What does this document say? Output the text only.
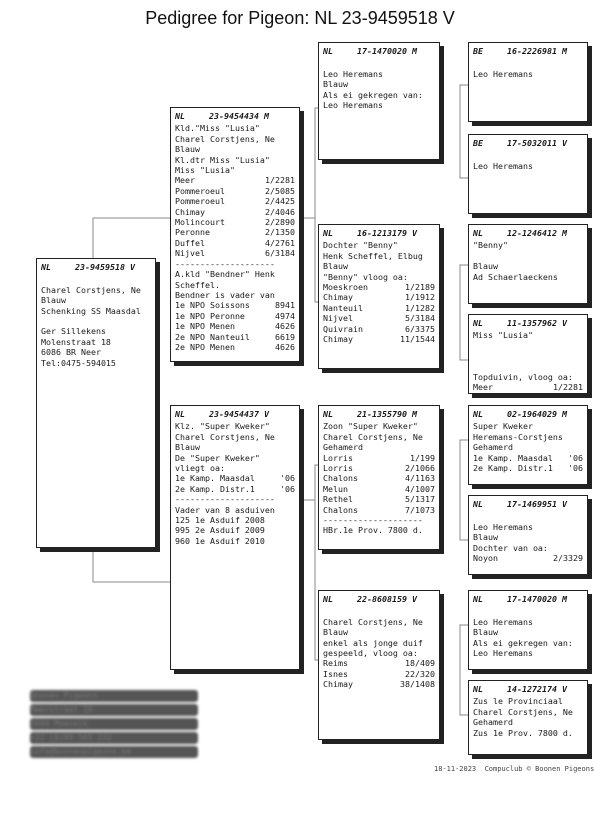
Pedigree for Pigeon: NL 23-9459518 V
NL	23-9459518 V

Charel Corstjens, Ne
Blauw
Schenking SS Maasdal

Ger Sillekens
Molenstraat 18
6086 BR Neer
Tel:0475-594015
NL	23-9454434 M
Kld."Miss "Lusia"
Charel Corstjens, Ne
Blauw
Kl.dtr Miss "Lusia"
Miss "Lusia"
Meer	1/2281
Pommeroeul	2/5085
Pommeroeul	2/4425
Chimay	2/4046
Molincourt	2/2890
Peronne	2/1350
Duffel	4/2761
Nijvel	6/3184
--------------------
A.kld "Bendner" Henk
Scheffel.
Bendner is vader van
1e NPO Soissons	8941
1e NPO Peronne	4974
1e NPO Menen	4626
2e NPO Nanteuil	6619
2e NPO Menen	4626
NL	23-9454437 V
Klz. "Super Kweker"
Charel Corstjens, Ne
Blauw
De "Super Kweker"
vliegt oa:
1e Kamp. Maasdal	'06
2e Kamp. Distr.1	'06
--------------------
Vader van 8 asduiven
125 1e Asduif 2008
995 2e Asduif 2009
960 1e Asduif 2010
NL	17-1470020 M

Leo Heremans
Blauw
Als ei gekregen van:
Leo Heremans
NL	16-1213179 V
Dochter "Benny"
Henk Scheffel, Elbug
Blauw
"Benny" vloog oa:
Moeskroen	1/2189
Chimay	1/1912
Nanteuil	1/1282
Nijvel	5/3184
Quivrain	6/3375
Chimay	11/1544
NL	21-1355790 M
Zoon "Super Kweker"
Charel Corstjens, Ne
Gehamerd
Lorris	1/199
Lorris	2/1066
Chalons	4/1163
Melun	4/1007
Rethel	5/1317
Chalons	7/1073
--------------------
HBr.1e Prov. 7800 d.
NL	22-8608159 V

Charel Corstjens, Ne
Blauw
enkel als jonge duif
gespeeld, vloog oa:
Reims	18/409
Isnes	22/320
Chimay	38/1408
BE	16-2226981 M

Leo Heremans
BE	17-5032011 V

Leo Heremans
NL	12-1246412 M
"Benny"

Blauw
Ad Schaerlaeckens
NL	11-1357962 V
Miss "Lusia"

Topduivin, vloog oa:
Meer	1/2281
NL	02-1964029 M
Super Kweker
Heremans-Corstjens
Gehamerd
1e Kamp. Maasdal '06
2e Kamp. Distr.1 '06
NL	17-1469951 V

Leo Heremans
Blauw
Dochter van oa:
Noyon	2/3329
NL	17-1470020 M

Leo Heremans
Blauw
Als ei gekregen van:
Leo Heremans
NL	14-1272174 V
Zus le Provinciaal
Charel Corstjens, Ne
Gehamerd
Zus 1e Prov. 7800 d.
Boonen Pigeons
Meerstraat 18
3680 Maaseik
+32 (0)89 565 232
info@boonenpigeons.be
18-11-2023 Compuclub © Boonen Pigeons
